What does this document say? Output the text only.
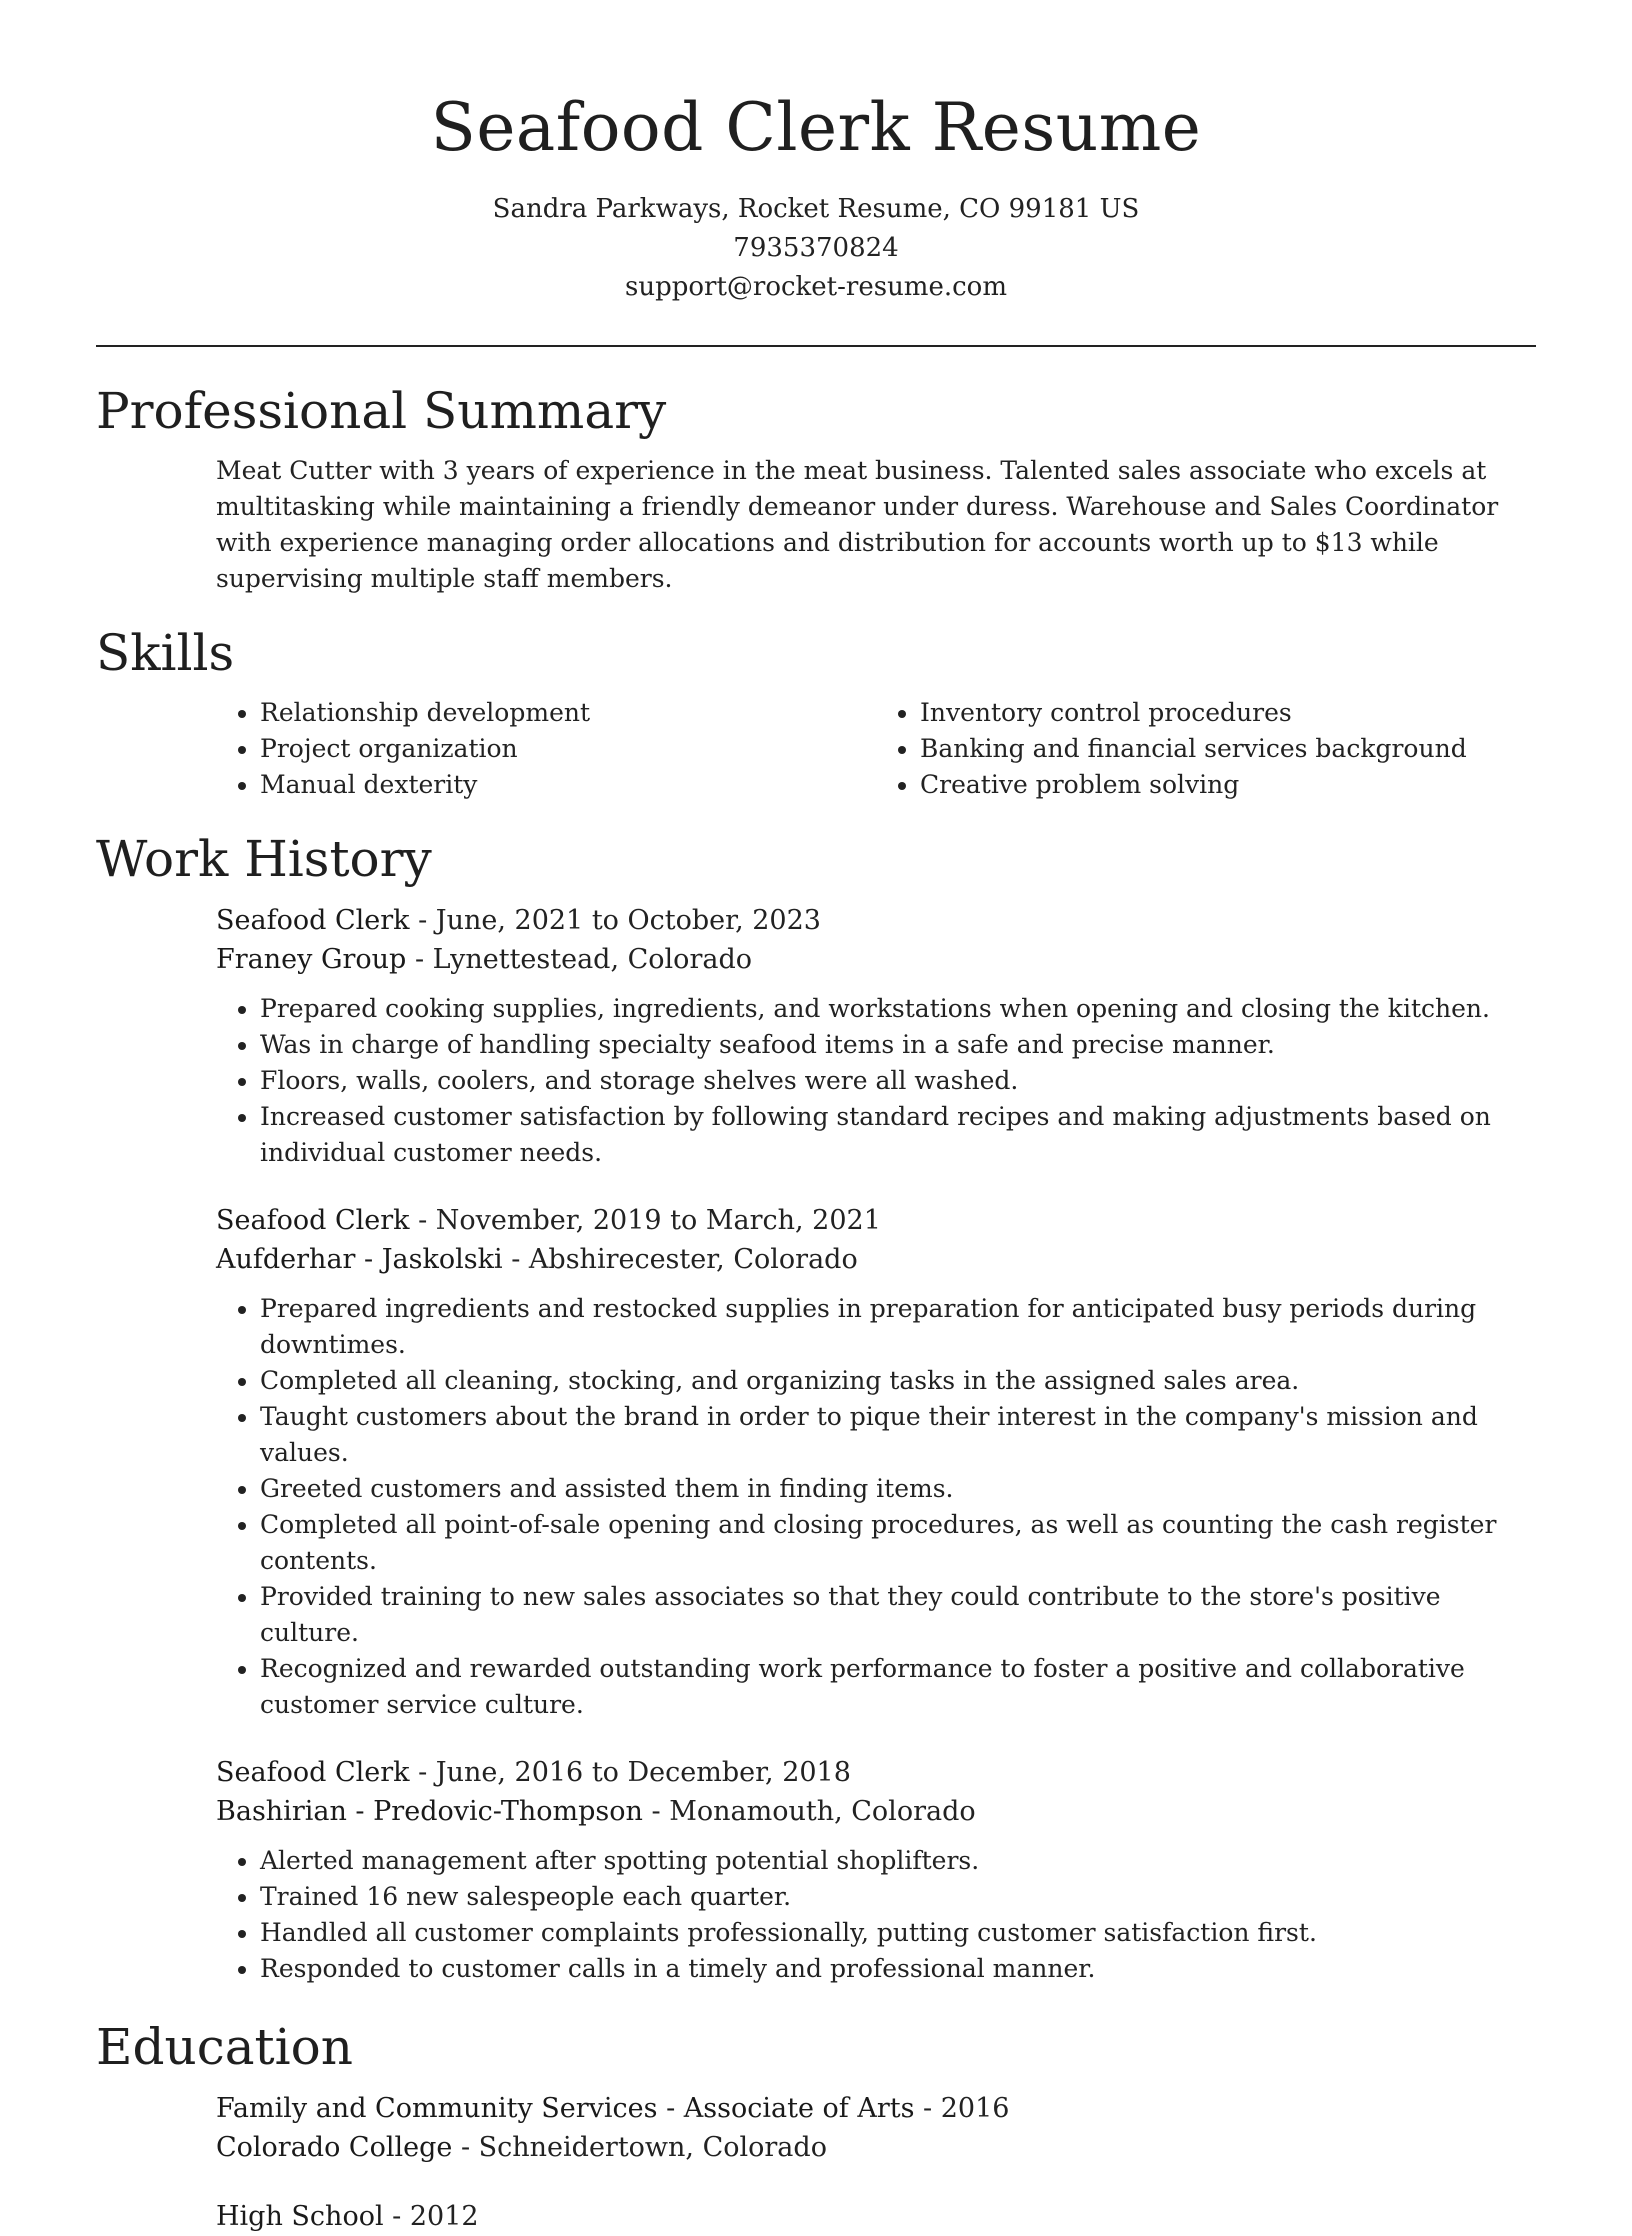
Seafood Clerk Resume
Sandra Parkways, Rocket Resume, CO 99181 US
7935370824
support@rocket-resume.com
Professional Summary

Meat Cutter with 3 years of experience in the meat business. Talented sales associate who excels at multitasking while maintaining a friendly demeanor under duress. Warehouse and Sales Coordinator with experience managing order allocations and distribution for accounts worth up to $13 while supervising multiple staff members.

Skills
• Relationship development
• Project organization
• Manual dexterity
• Inventory control procedures
• Banking and financial services background
• Creative problem solving
Work History
Seafood Clerk - June, 2021 to October, 2023
Franey Group - Lynettestead, Colorado
• Prepared cooking supplies, ingredients, and workstations when opening and closing the kitchen.
• Was in charge of handling specialty seafood items in a safe and precise manner.
• Floors, walls, coolers, and storage shelves were all washed.
• Increased customer satisfaction by following standard recipes and making adjustments based on individual customer needs.
Seafood Clerk - November, 2019 to March, 2021
Aufderhar - Jaskolski - Abshirecester, Colorado
• Prepared ingredients and restocked supplies in preparation for anticipated busy periods during downtimes.
• Completed all cleaning, stocking, and organizing tasks in the assigned sales area.
• Taught customers about the brand in order to pique their interest in the company's mission and values.
• Greeted customers and assisted them in finding items.
• Completed all point-of-sale opening and closing procedures, as well as counting the cash register contents.
• Provided training to new sales associates so that they could contribute to the store's positive culture.
• Recognized and rewarded outstanding work performance to foster a positive and collaborative customer service culture.
Seafood Clerk - June, 2016 to December, 2018
Bashirian - Predovic-Thompson - Monamouth, Colorado
• Alerted management after spotting potential shoplifters.
• Trained 16 new salespeople each quarter.
• Handled all customer complaints professionally, putting customer satisfaction first.
• Responded to customer calls in a timely and professional manner.
Education
Family and Community Services - Associate of Arts - 2016
Colorado College - Schneidertown, Colorado
High School - 2012
